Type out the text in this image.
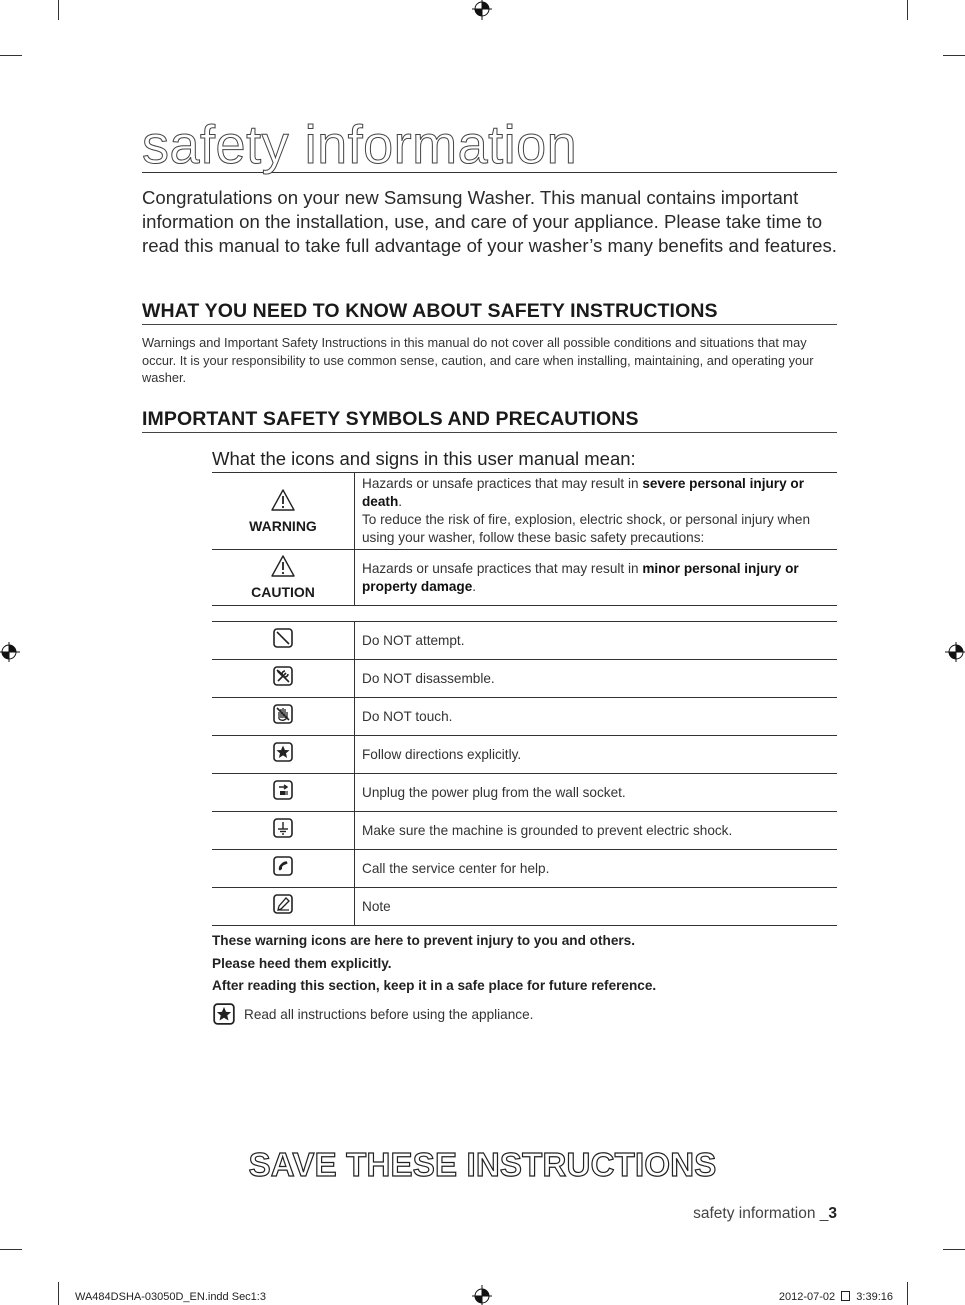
safety information
Congratulations on your new Samsung Washer. This manual contains important information on the installation, use, and care of your appliance. Please take time to read this manual to take full advantage of your washer’s many benefits and features.
WHAT YOU NEED TO KNOW ABOUT SAFETY INSTRUCTIONS
Warnings and Important Safety Instructions in this manual do not cover all possible conditions and situations that may occur. It is your responsibility to use common sense, caution, and care when installing, maintaining, and operating your washer.
IMPORTANT SAFETY SYMBOLS AND PRECAUTIONS
What the icons and signs in this user manual mean:
WARNING	Hazards or unsafe practices that may result in severe personal injury or death.
To reduce the risk of fire, explosion, electric shock, or personal injury when using your washer, follow these basic safety precautions:

CAUTION	Hazards or unsafe practices that may result in minor personal injury or property damage.
	Do NOT attempt.
	Do NOT disassemble.
	Do NOT touch.
	Follow directions explicitly.
	Unplug the power plug from the wall socket.
	Make sure the machine is grounded to prevent electric shock.
	Call the service center for help.
	Note
These warning icons are here to prevent injury to you and others.
Please heed them explicitly.
After reading this section, keep it in a safe place for future reference.
Read all instructions before using the appliance.
SAVE THESE INSTRUCTIONS
safety information _3
WA484DSHA-03050D_EN.indd Sec1:3	2012-07-02 3:39:16
